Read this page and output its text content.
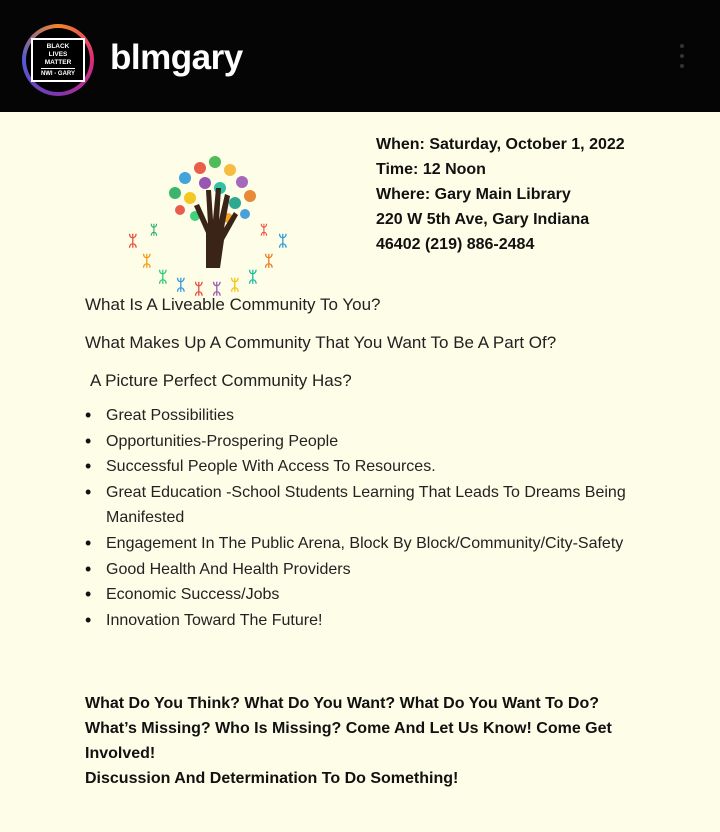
BLACK
LIVES
MATTER
NWI - GARY blmgary
ᛯ
ᛯ
ᛯ ᛯ ᛯ ᛯ ᛯ ᛯ
ᛯ
ᛯ
ᛯ	ᛯ
When: Saturday, October 1, 2022
Time: 12 Noon
Where: Gary Main Library
220 W 5th Ave, Gary Indiana
46402 (219) 886-2484
What Is A Liveable Community To You?
What Makes Up A Community That You Want To Be A Part Of?
A Picture Perfect Community Has?
• Great Possibilities
• Opportunities-Prospering People
• Successful People With Access To Resources.
• Great Education -School Students Learning That Leads To Dreams Being Manifested
• Engagement In The Public Arena, Block By Block/Community/City-Safety
• Good Health And Health Providers
• Economic Success/Jobs
• Innovation Toward The Future!
What Do You Think? What Do You Want? What Do You Want To Do?
What’s Missing? Who Is Missing? Come And Let Us Know! Come Get Involved!
Discussion And Determination To Do Something!
